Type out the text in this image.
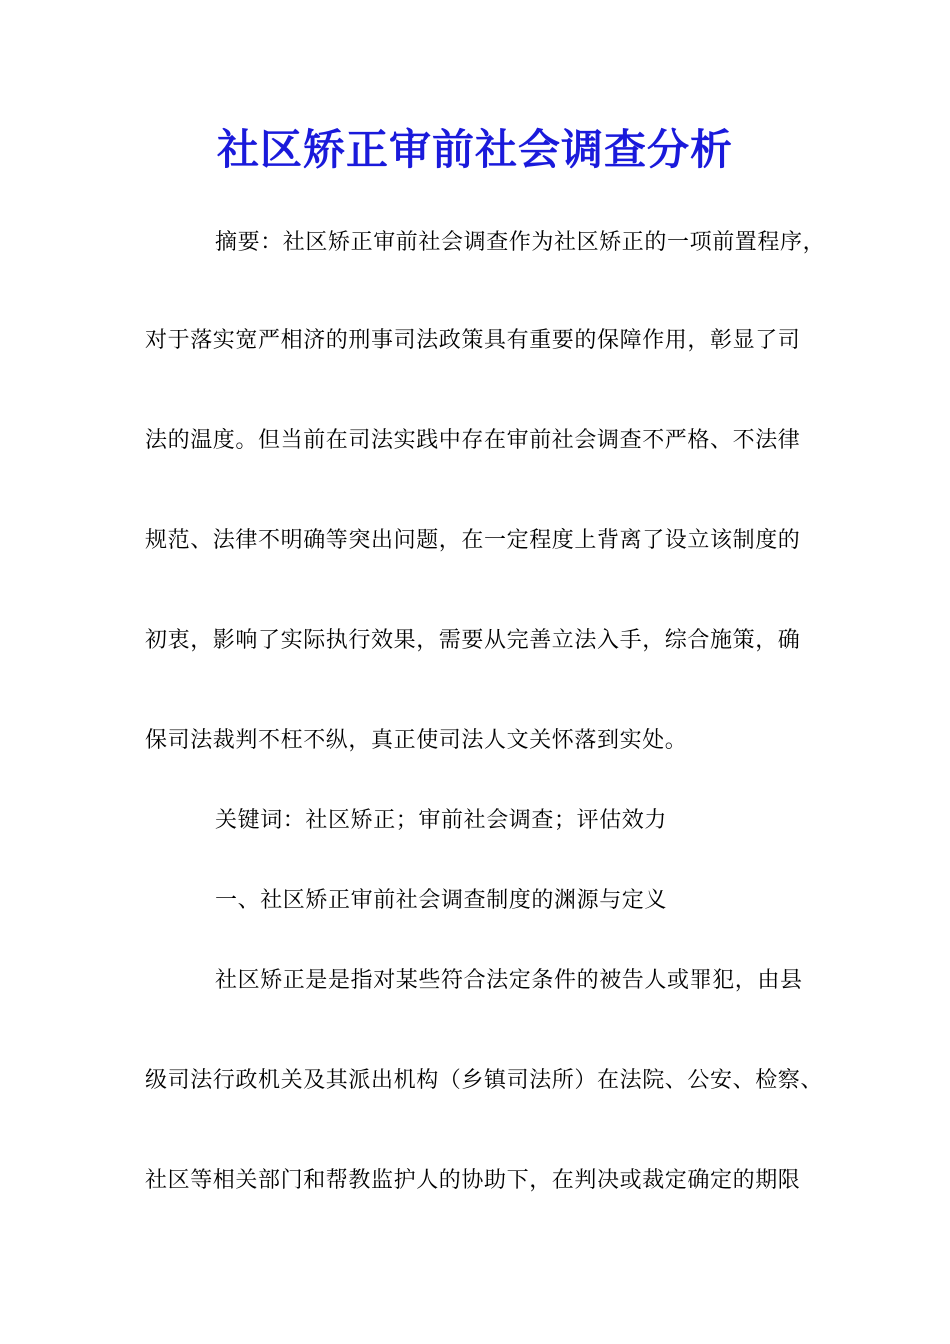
社区矫正审前社会调查分析
摘要：社区矫正审前社会调查作为社区矫正的一项前置程序，
对于落实宽严相济的刑事司法政策具有重要的保障作用，彰显了司
法的温度。但当前在司法实践中存在审前社会调查不严格、不法律
规范、法律不明确等突出问题，在一定程度上背离了设立该制度的
初衷，影响了实际执行效果，需要从完善立法入手，综合施策，确
保司法裁判不枉不纵，真正使司法人文关怀落到实处。
关键词：社区矫正；审前社会调查；评估效力
一、社区矫正审前社会调查制度的渊源与定义
社区矫正是是指对某些符合法定条件的被告人或罪犯，由县
级司法行政机关及其派出机构（乡镇司法所）在法院、公安、检察、
社区等相关部门和帮教监护人的协助下，在判决或裁定确定的期限
